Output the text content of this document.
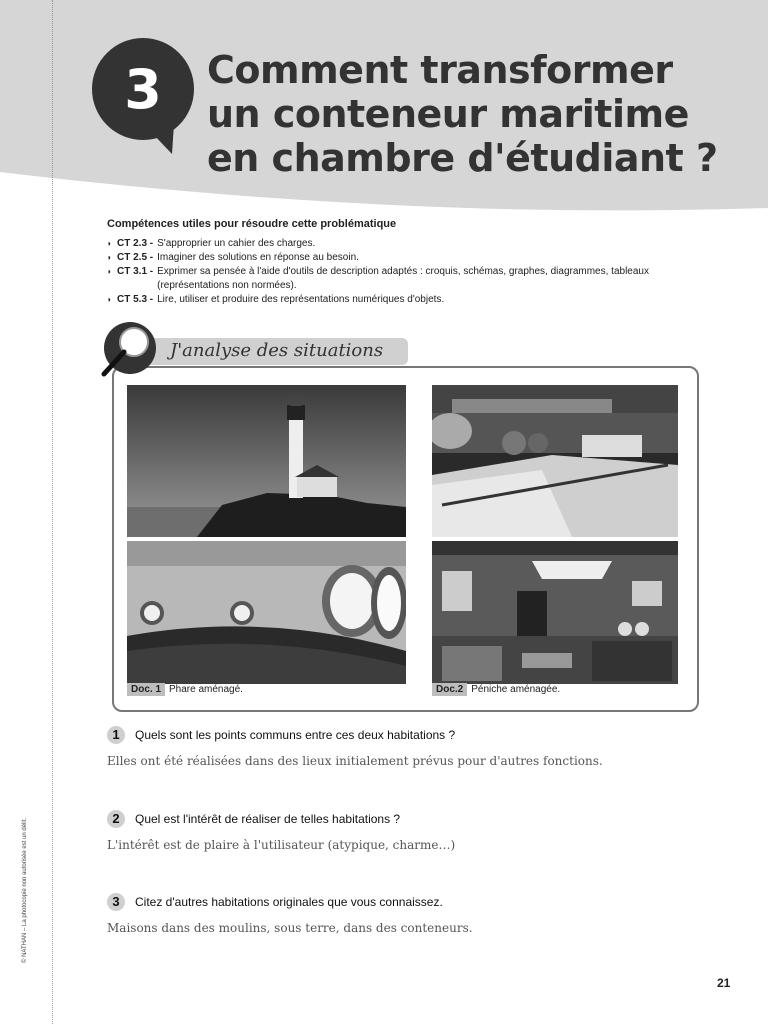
© NATHAN – La photocopie non autorisée est un délit.
3	Comment transformer
un conteneur maritime
en chambre d'étudiant ?
Compétences utiles pour résoudre cette problématique
◗ CT 2.3 - S'approprier un cahier des charges.
◗ CT 2.5 - Imaginer des solutions en réponse au besoin.
◗ CT 3.1 - Exprimer sa pensée à l'aide d'outils de description adaptés : croquis, schémas, graphes, diagrammes, tableaux (représentations non normées).
◗ CT 5.3 - Lire, utiliser et produire des représentations numériques d'objets.
J'analyse des situations
Doc. 1 Phare aménagé.	Doc.2 Péniche aménagée.
1	Quels sont les points communs entre ces deux habitations ?
Elles ont été réalisées dans des lieux initialement prévus pour d'autres fonctions.
2	Quel est l'intérêt de réaliser de telles habitations ?
L'intérêt est de plaire à l'utilisateur (atypique, charme…)
3	Citez d'autres habitations originales que vous connaissez.
Maisons dans des moulins, sous terre, dans des conteneurs.
21
